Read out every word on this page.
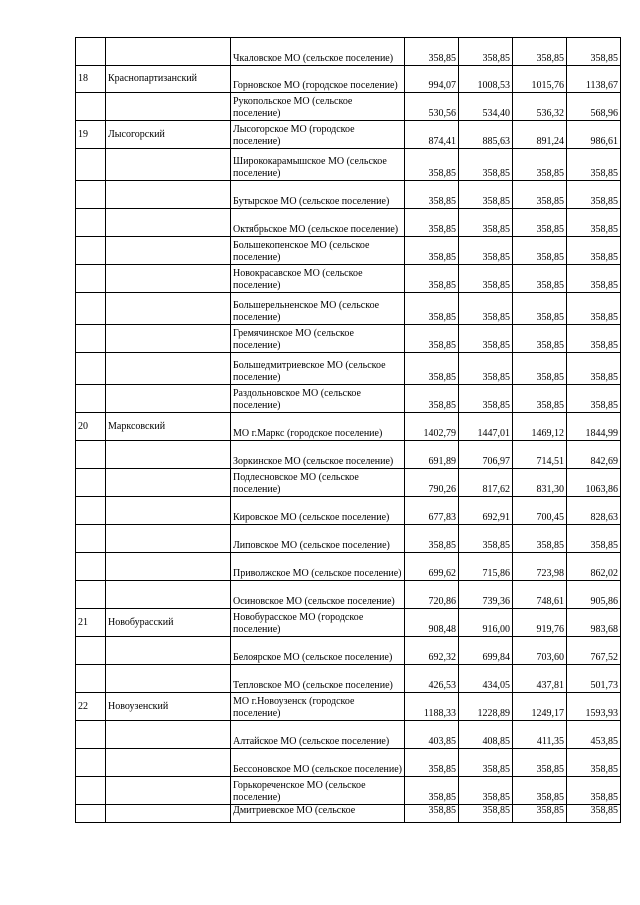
		Чкаловское МО (сельское поселение)	358,85	358,85	358,85	358,85
18	Краснопартизанский	Горновское МО (городское поселение)	994,07	1008,53	1015,76	1138,67
		Рукопольское МО (сельское поселение)	530,56	534,40	536,32	568,96
19	Лысогорский	Лысогорское МО (городское поселение)	874,41	885,63	891,24	986,61
		Ширококарамышское МО (сельское поселение)	358,85	358,85	358,85	358,85
		Бутырское МО (сельское поселение)	358,85	358,85	358,85	358,85
		Октябрьское МО (сельское поселение)	358,85	358,85	358,85	358,85
		Большекопенское МО (сельское поселение)	358,85	358,85	358,85	358,85
		Новокрасавское МО (сельское поселение)	358,85	358,85	358,85	358,85
		Большерельненское МО (сельское поселение)	358,85	358,85	358,85	358,85
		Гремячинское МО (сельское поселение)	358,85	358,85	358,85	358,85
		Большедмитриевское МО (сельское поселение)	358,85	358,85	358,85	358,85
		Раздольновское МО (сельское поселение)	358,85	358,85	358,85	358,85
20	Марксовский	МО г.Маркс (городское поселение)	1402,79	1447,01	1469,12	1844,99
		Зоркинское МО (сельское поселение)	691,89	706,97	714,51	842,69
		Подлесновское МО (сельское поселение)	790,26	817,62	831,30	1063,86
		Кировское МО (сельское поселение)	677,83	692,91	700,45	828,63
		Липовское МО (сельское поселение)	358,85	358,85	358,85	358,85
		Приволжское МО (сельское поселение)	699,62	715,86	723,98	862,02
		Осиновское МО (сельское поселение)	720,86	739,36	748,61	905,86
21	Новобурасский	Новобурасское МО (городское поселение)	908,48	916,00	919,76	983,68
		Белоярское МО (сельское поселение)	692,32	699,84	703,60	767,52
		Тепловское МО (сельское поселение)	426,53	434,05	437,81	501,73
22	Новоузенский	МО г.Новоузенск (городское поселение)	1188,33	1228,89	1249,17	1593,93
		Алтайское МО (сельское поселение)	403,85	408,85	411,35	453,85
		Бессоновское МО (сельское поселение)	358,85	358,85	358,85	358,85
		Горькореченское МО (сельское поселение)	358,85	358,85	358,85	358,85
		Дмитриевское МО (сельское	358,85	358,85	358,85	358,85
